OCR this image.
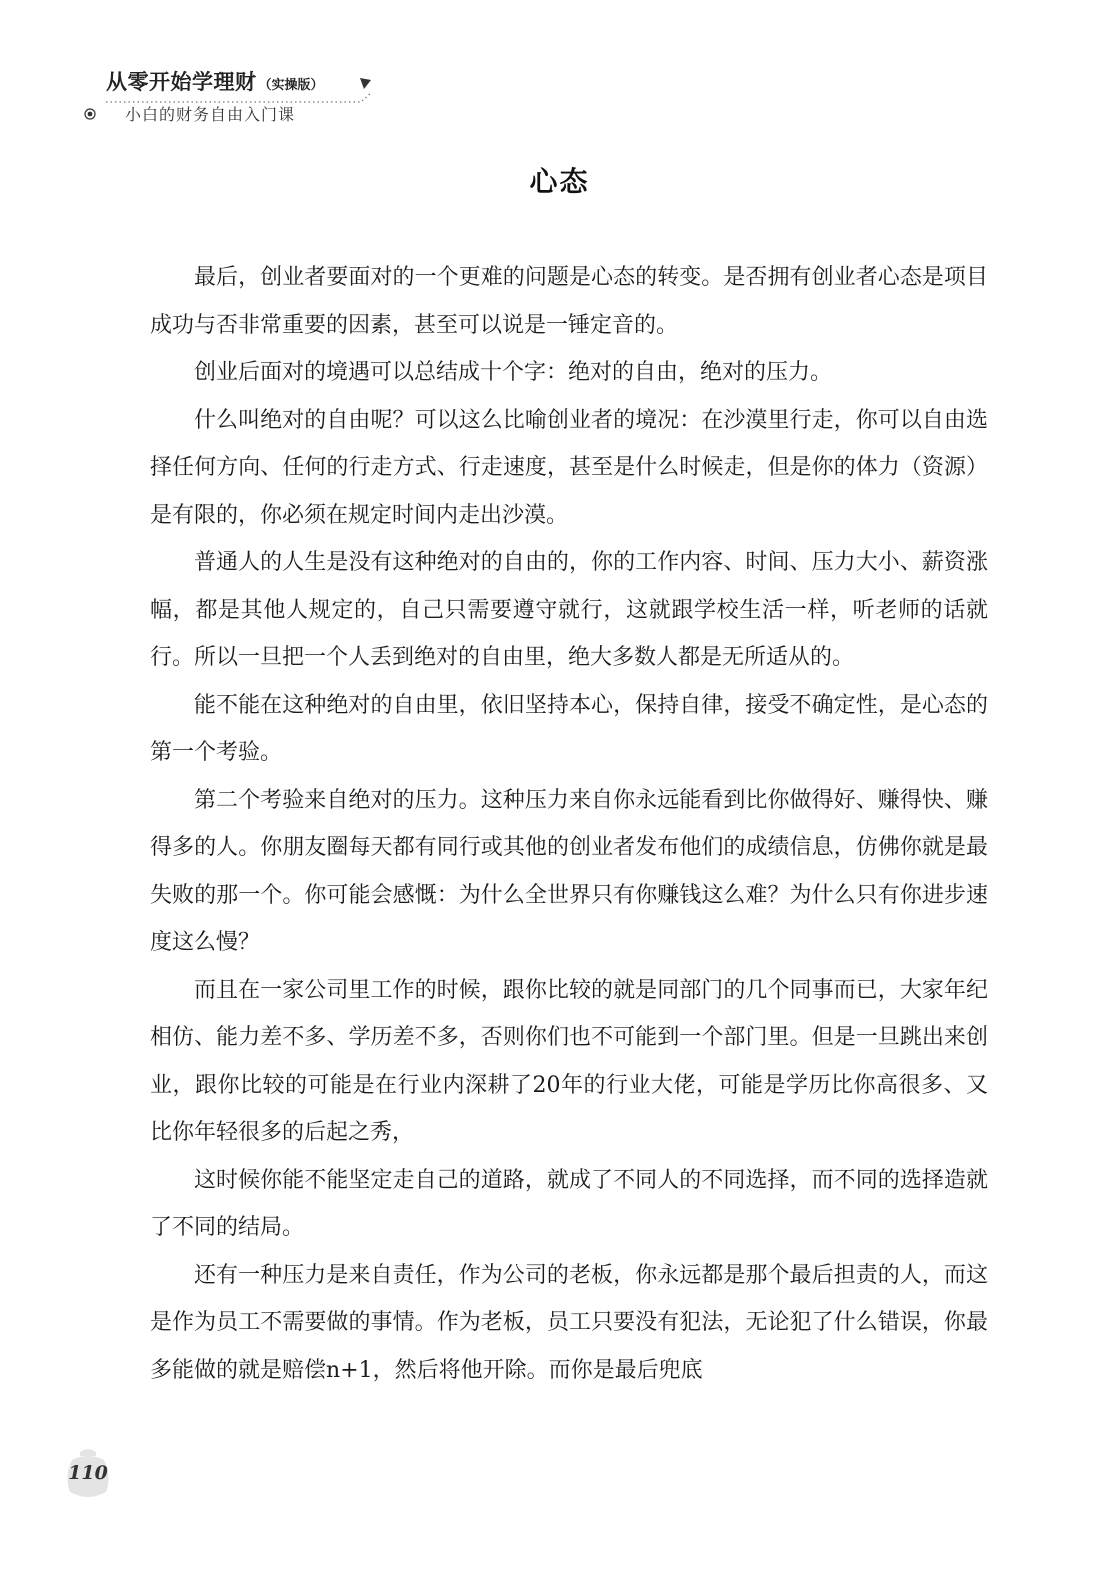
从零开始学理财 （实操版）
小白的财务自由入门课
心态

最后，创业者要面对的一个更难的问题是心态的转变。是否拥有创业者心态是项目成功与否非常重要的因素，甚至可以说是一锤定音的。

创业后面对的境遇可以总结成十个字：绝对的自由，绝对的压力。

什么叫绝对的自由呢？可以这么比喻创业者的境况：在沙漠里行走，你可以自由选择任何方向、任何的行走方式、行走速度，甚至是什么时候走，但是你的体力（资源）是有限的，你必须在规定时间内走出沙漠。

普通人的人生是没有这种绝对的自由的，你的工作内容、时间、压力大小、薪资涨幅，都是其他人规定的，自己只需要遵守就行，这就跟学校生活一样，听老师的话就行。所以一旦把一个人丢到绝对的自由里，绝大多数人都是无所适从的。

能不能在这种绝对的自由里，依旧坚持本心，保持自律，接受不确定性，是心态的第一个考验。

第二个考验来自绝对的压力。这种压力来自你永远能看到比你做得好、赚得快、赚得多的人。你朋友圈每天都有同行或其他的创业者发布他们的成绩信息，仿佛你就是最失败的那一个。你可能会感慨：为什么全世界只有你赚钱这么难？为什么只有你进步速度这么慢？

而且在一家公司里工作的时候，跟你比较的就是同部门的几个同事而已，大家年纪相仿、能力差不多、学历差不多，否则你们也不可能到一个部门里。但是一旦跳出来创业，跟你比较的可能是在行业内深耕了20年的行业大佬，可能是学历比你高很多、又比你年轻很多的后起之秀，

这时候你能不能坚定走自己的道路，就成了不同人的不同选择，而不同的选择造就了不同的结局。

还有一种压力是来自责任，作为公司的老板，你永远都是那个最后担责的人，而这是作为员工不需要做的事情。作为老板，员工只要没有犯法，无论犯了什么错误，你最多能做的就是赔偿n+1，然后将他开除。而你是最后兜底

110
